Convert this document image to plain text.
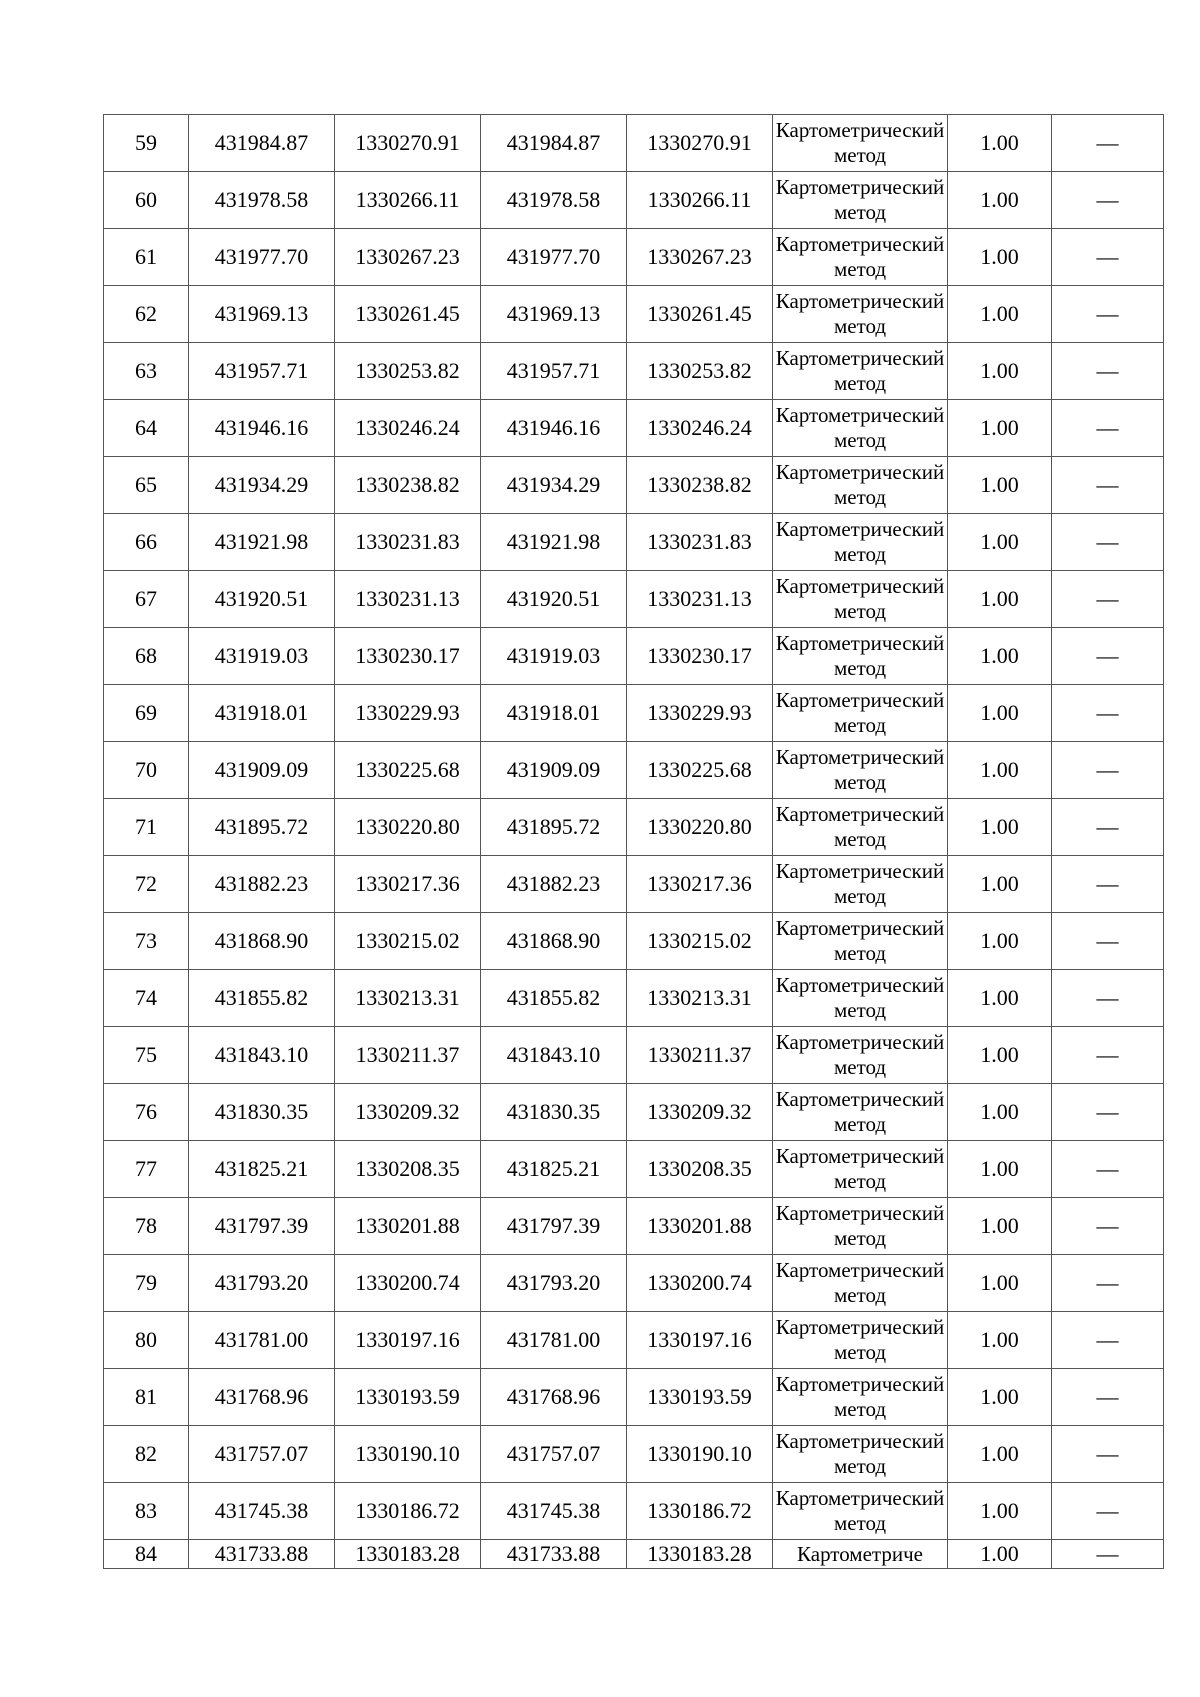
59	431984.87	1330270.91	431984.87	1330270.91	Картометрический метод	1.00	—
60	431978.58	1330266.11	431978.58	1330266.11	Картометрический метод	1.00	—
61	431977.70	1330267.23	431977.70	1330267.23	Картометрический метод	1.00	—
62	431969.13	1330261.45	431969.13	1330261.45	Картометрический метод	1.00	—
63	431957.71	1330253.82	431957.71	1330253.82	Картометрический метод	1.00	—
64	431946.16	1330246.24	431946.16	1330246.24	Картометрический метод	1.00	—
65	431934.29	1330238.82	431934.29	1330238.82	Картометрический метод	1.00	—
66	431921.98	1330231.83	431921.98	1330231.83	Картометрический метод	1.00	—
67	431920.51	1330231.13	431920.51	1330231.13	Картометрический метод	1.00	—
68	431919.03	1330230.17	431919.03	1330230.17	Картометрический метод	1.00	—
69	431918.01	1330229.93	431918.01	1330229.93	Картометрический метод	1.00	—
70	431909.09	1330225.68	431909.09	1330225.68	Картометрический метод	1.00	—
71	431895.72	1330220.80	431895.72	1330220.80	Картометрический метод	1.00	—
72	431882.23	1330217.36	431882.23	1330217.36	Картометрический метод	1.00	—
73	431868.90	1330215.02	431868.90	1330215.02	Картометрический метод	1.00	—
74	431855.82	1330213.31	431855.82	1330213.31	Картометрический метод	1.00	—
75	431843.10	1330211.37	431843.10	1330211.37	Картометрический метод	1.00	—
76	431830.35	1330209.32	431830.35	1330209.32	Картометрический метод	1.00	—
77	431825.21	1330208.35	431825.21	1330208.35	Картометрический метод	1.00	—
78	431797.39	1330201.88	431797.39	1330201.88	Картометрический метод	1.00	—
79	431793.20	1330200.74	431793.20	1330200.74	Картометрический метод	1.00	—
80	431781.00	1330197.16	431781.00	1330197.16	Картометрический метод	1.00	—
81	431768.96	1330193.59	431768.96	1330193.59	Картометрический метод	1.00	—
82	431757.07	1330190.10	431757.07	1330190.10	Картометрический метод	1.00	—
83	431745.38	1330186.72	431745.38	1330186.72	Картометрический метод	1.00	—
84	431733.88	1330183.28	431733.88	1330183.28	Картометриче	1.00	—
